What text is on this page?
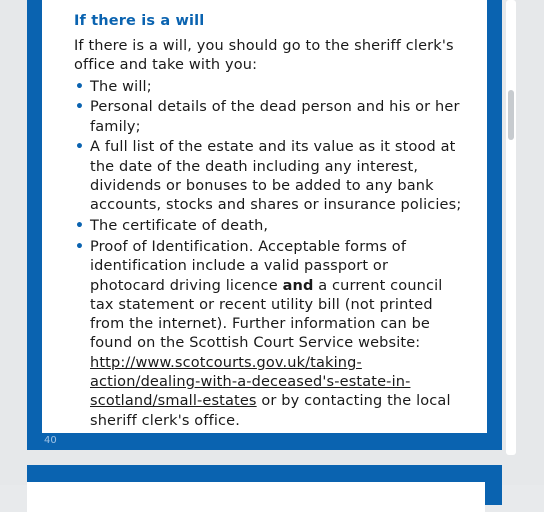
If there is a will
If there is a will, you should go to the sheriff clerk's office and take with you:
• The will;
• Personal details of the dead person and his or her family;
• A full list of the estate and its value as it stood at the date of the death including any interest, dividends or bonuses to be added to any bank accounts, stocks and shares or insurance policies;
• The certificate of death,
• Proof of Identification. Acceptable forms of identification include a valid passport or photocard driving licence and a current council tax statement or recent utility bill (not printed from the internet). Further information can be found on the Scottish Court Service website: http://www.scotcourts.gov.uk/taking-action/dealing-with-a-deceased's-estate-in-scotland/small-estates or by contacting the local sheriff clerk's office.
40
